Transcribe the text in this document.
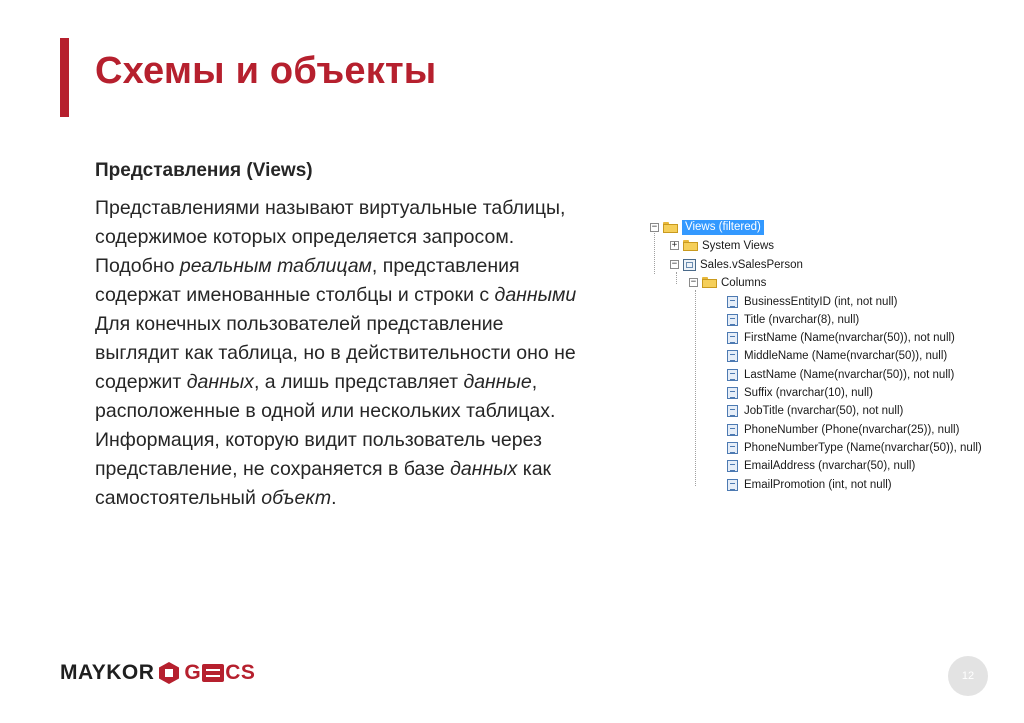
Схемы и объекты
Представления (Views)
Представлениями называют виртуальные таблицы,
содержимое которых определяется запросом.
Подобно реальным таблицам, представления
содержат именованные столбцы и строки с данными
Для конечных пользователей представление
выглядит как таблица, но в действительности оно не
содержит данных, а лишь представляет данные,
расположенные в одной или нескольких таблицах.
Информация, которую видит пользователь через
представление, не сохраняется в базе данных как
самостоятельный объект.
− Views (filtered)
+ System Views
− Sales.vSalesPerson
− Columns
BusinessEntityID (int, not null)
Title (nvarchar(8), null)
FirstName (Name(nvarchar(50)), not null)
MiddleName (Name(nvarchar(50)), null)
LastName (Name(nvarchar(50)), not null)
Suffix (nvarchar(10), null)
JobTitle (nvarchar(50), not null)
PhoneNumber (Phone(nvarchar(25)), null)
PhoneNumberType (Name(nvarchar(50)), null)
EmailAddress (nvarchar(50), null)
EmailPromotion (int, not null)
MAYKOR G CS	12
